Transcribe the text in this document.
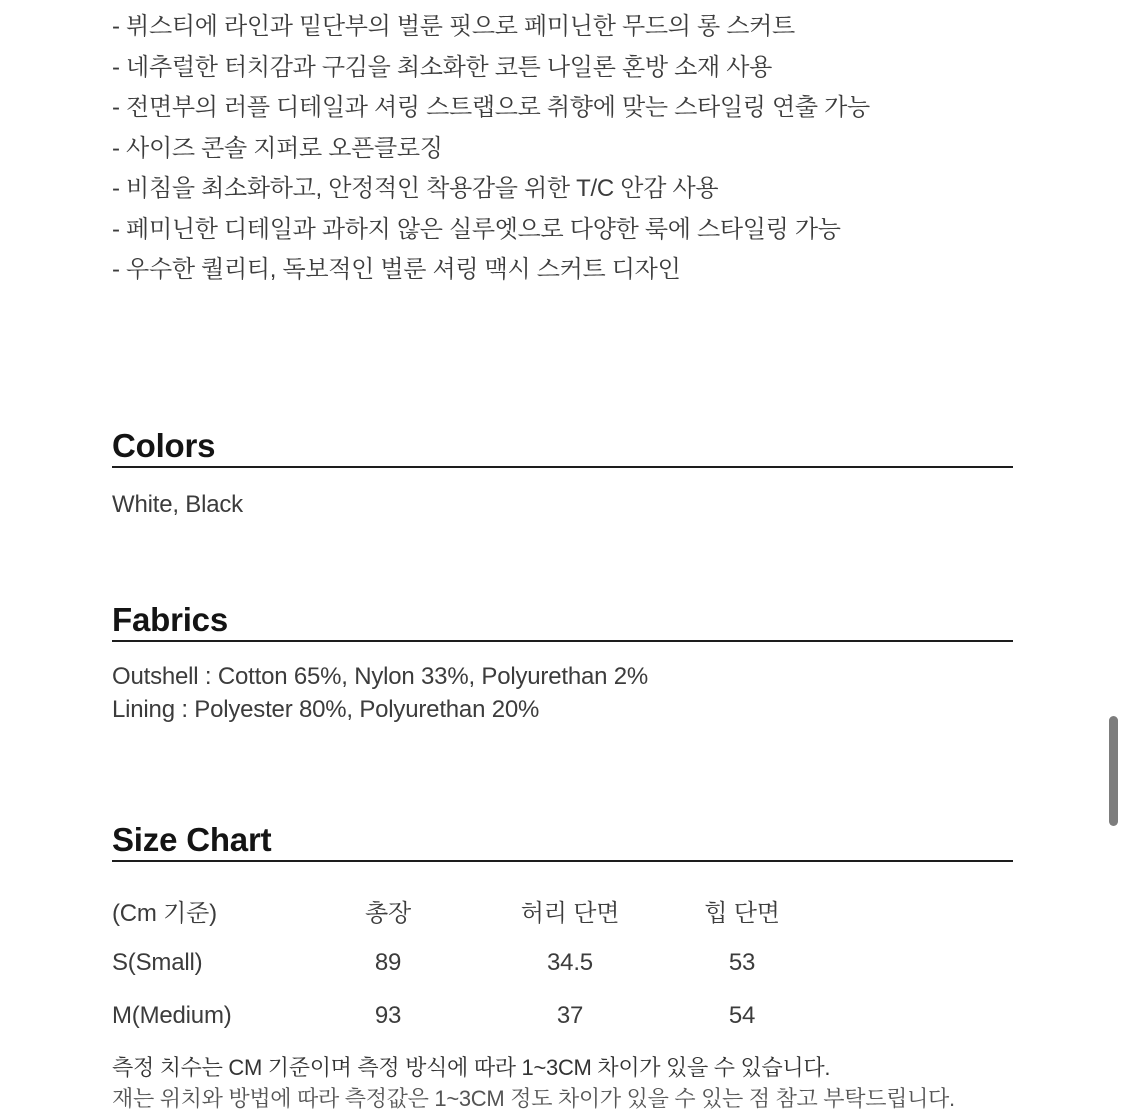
- 뷔스티에 라인과 밑단부의 벌룬 핏으로 페미닌한 무드의 롱 스커트
- 네추럴한 터치감과 구김을 최소화한 코튼 나일론 혼방 소재 사용
- 전면부의 러플 디테일과 셔링 스트랩으로 취향에 맞는 스타일링 연출 가능
- 사이즈 콘솔 지퍼로 오픈클로징
- 비침을 최소화하고, 안정적인 착용감을 위한 T/C 안감 사용
- 페미닌한 디테일과 과하지 않은 실루엣으로 다양한 룩에 스타일링 가능
- 우수한 퀄리티, 독보적인 벌룬 셔링 맥시 스커트 디자인
Colors
White, Black
Fabrics
Outshell : Cotton 65%, Nylon 33%, Polyurethan 2%
Lining : Polyester 80%, Polyurethan 20%
Size Chart
(Cm 기준)	총장	허리 단면	힙 단면
S(Small)	89	34.5	53
M(Medium)	93	37	54
측정 치수는 CM 기준이며 측정 방식에 따라 1~3CM 차이가 있을 수 있습니다.
재는 위치와 방법에 따라 측정값은 1~3CM 정도 차이가 있을 수 있는 점 참고 부탁드립니다.
